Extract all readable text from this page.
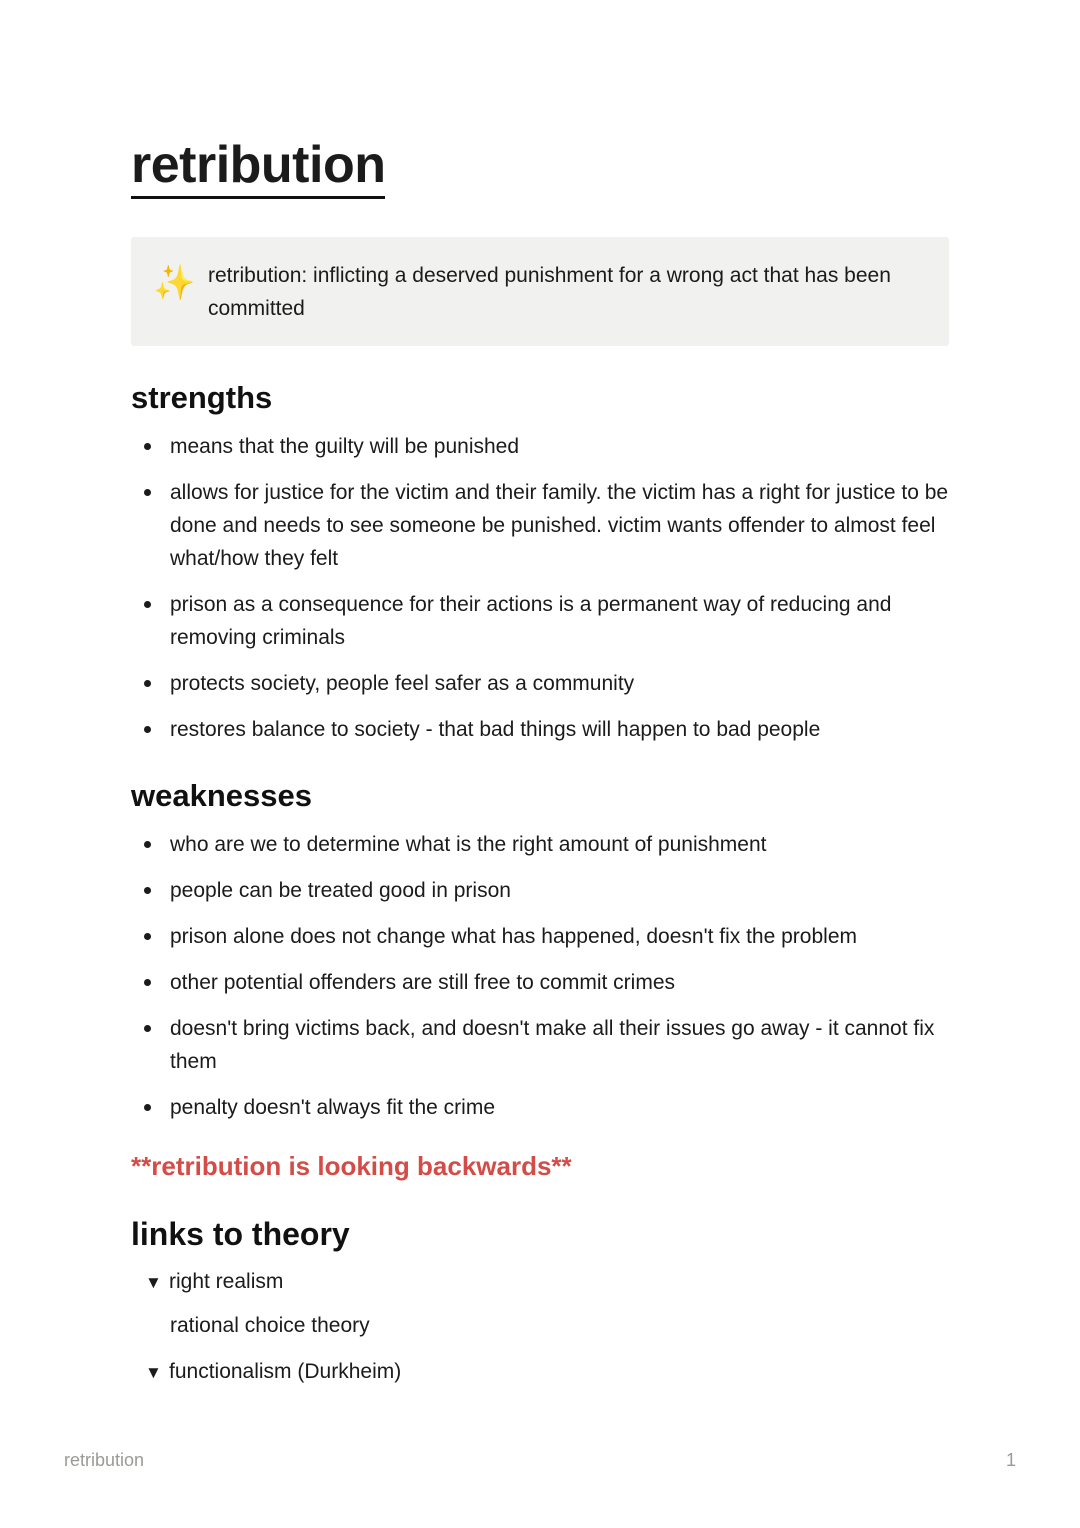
retribution
✨ retribution: inflicting a deserved punishment for a wrong act that has been committed
strengths
means that the guilty will be punished
allows for justice for the victim and their family. the victim has a right for justice to be done and needs to see someone be punished. victim wants offender to almost feel what/how they felt
prison as a consequence for their actions is a permanent way of reducing and removing criminals
protects society, people feel safer as a community
restores balance to society - that bad things will happen to bad people
weaknesses
who are we to determine what is the right amount of punishment
people can be treated good in prison
prison alone does not change what has happened, doesn't fix the problem
other potential offenders are still free to commit crimes
doesn't bring victims back, and doesn't make all their issues go away - it cannot fix them
penalty doesn't always fit the crime
**retribution is looking backwards**
links to theory
▼ right realism
rational choice theory
▼ functionalism (Durkheim)
retribution	1
